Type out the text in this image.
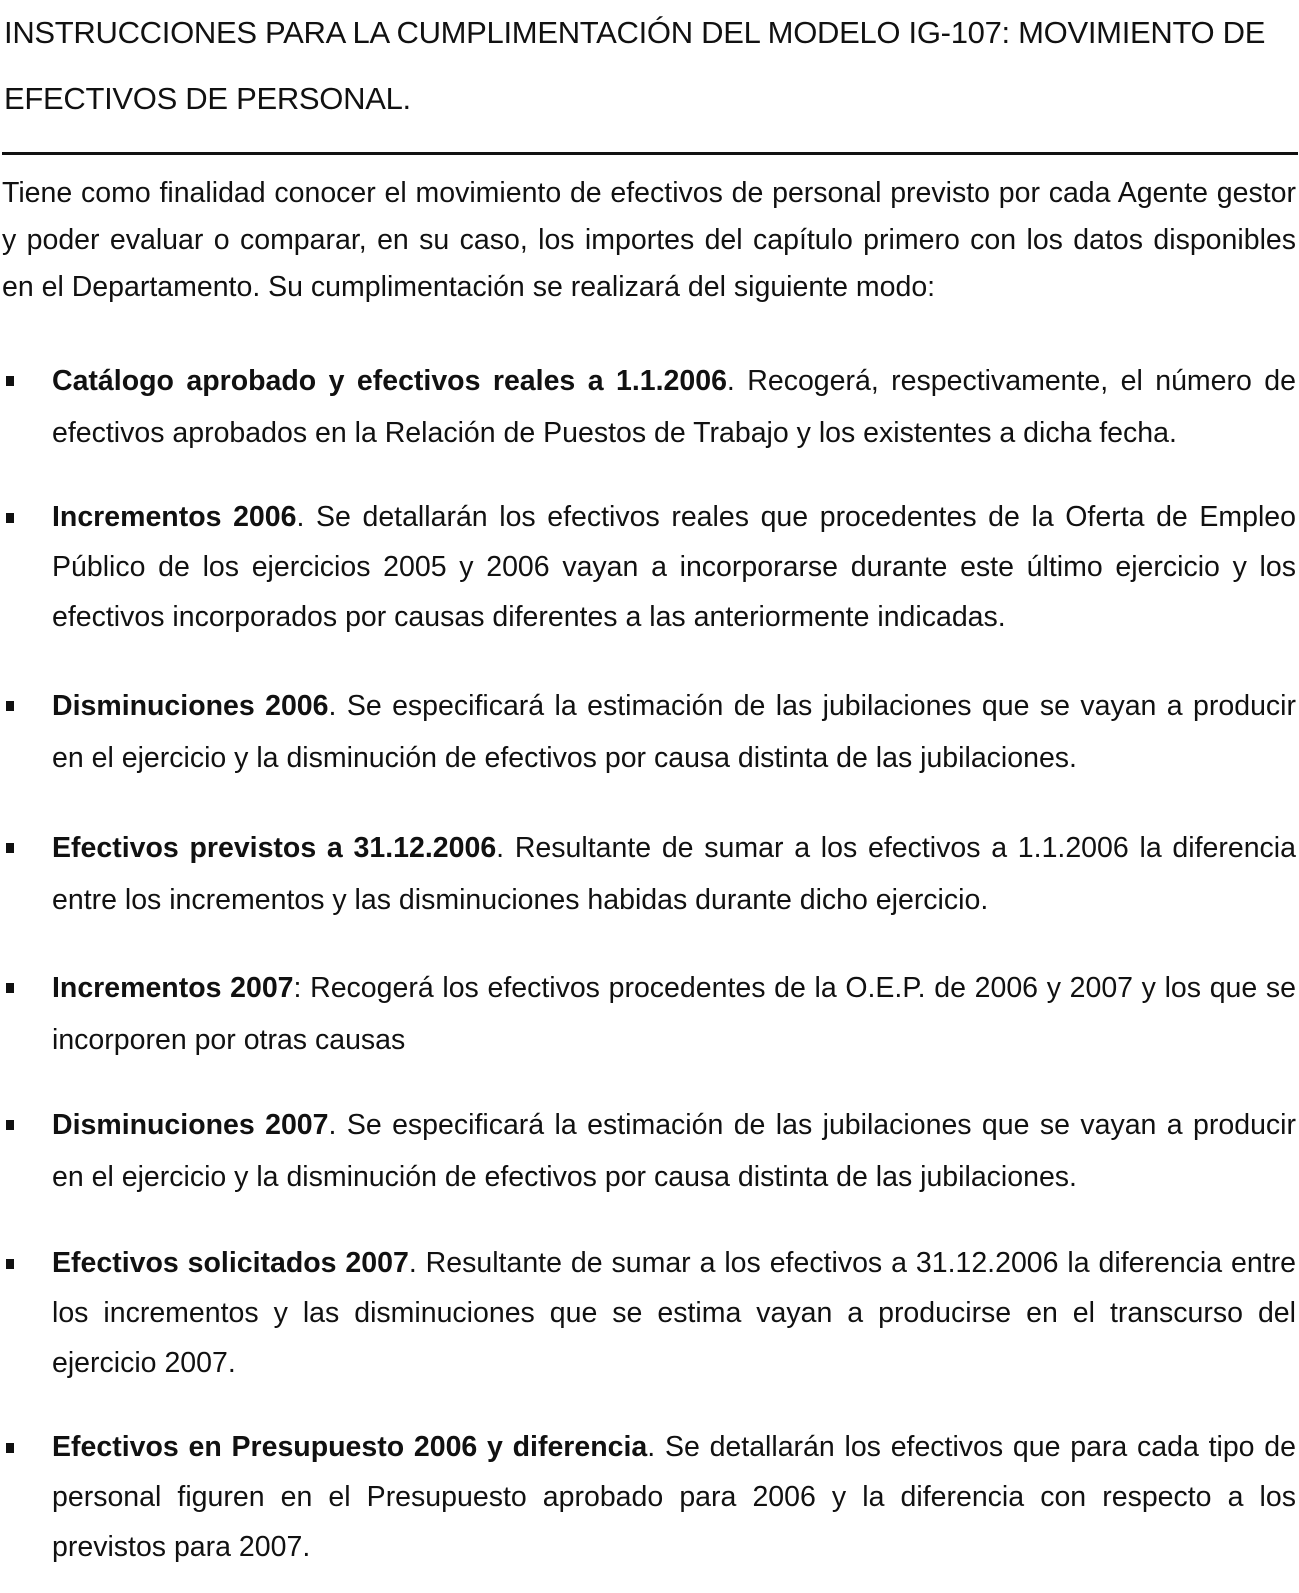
INSTRUCCIONES PARA LA CUMPLIMENTACIÓN DEL MODELO IG-107: MOVIMIENTO DE EFECTIVOS DE PERSONAL.

Tiene como finalidad conocer el movimiento de efectivos de personal previsto por cada Agente gestor y poder evaluar o comparar, en su caso, los importes del capítulo primero con los datos disponibles en el Departamento. Su cumplimentación se realizará del siguiente modo:

Catálogo aprobado y efectivos reales a 1.1.2006. Recogerá, respectivamente, el número de efectivos aprobados en la Relación de Puestos de Trabajo y los existentes a dicha fecha.

Incrementos 2006. Se detallarán los efectivos reales que procedentes de la Oferta de Empleo Público de los ejercicios 2005 y 2006 vayan a incorporarse durante este último ejercicio y los efectivos incorporados por causas diferentes a las anteriormente indicadas.

Disminuciones 2006. Se especificará la estimación de las jubilaciones que se vayan a producir en el ejercicio y la disminución de efectivos por causa distinta de las jubilaciones.

Efectivos previstos a 31.12.2006. Resultante de sumar a los efectivos a 1.1.2006 la diferencia entre los incrementos y las disminuciones habidas durante dicho ejercicio.

Incrementos 2007: Recogerá los efectivos procedentes de la O.E.P. de 2006 y 2007 y los que se incorporen por otras causas

Disminuciones 2007. Se especificará la estimación de las jubilaciones que se vayan a producir en el ejercicio y la disminución de efectivos por causa distinta de las jubilaciones.

Efectivos solicitados 2007. Resultante de sumar a los efectivos a 31.12.2006 la diferencia entre los incrementos y las disminuciones que se estima vayan a producirse en el transcurso del ejercicio 2007.

Efectivos en Presupuesto 2006 y diferencia. Se detallarán los efectivos que para cada tipo de personal figuren en el Presupuesto aprobado para 2006 y la diferencia con respecto a los previstos para 2007.
